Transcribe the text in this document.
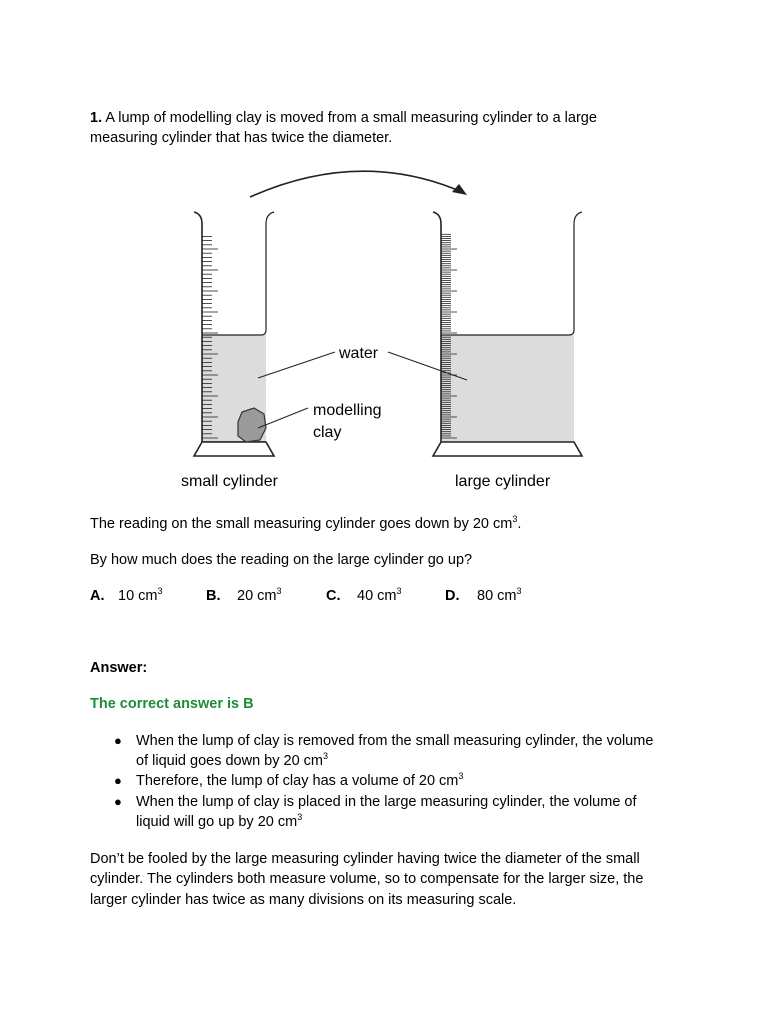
1. A lump of modelling clay is moved from a small measuring cylinder to a large
measuring cylinder that has twice the diameter.
water
modelling
clay
small cylinder	large cylinder
The reading on the small measuring cylinder goes down by 20 $cm^3$.
By how much does the reading on the large cylinder go up?
A. 10 $cm^3$	B. 20 $cm^3$	C. 40 $cm^3$	D. 80 $cm^3$
Answer:
The correct answer is B
● When the lump of clay is removed from the small measuring cylinder, the volume
of liquid goes down by 20 $cm^3$
● Therefore, the lump of clay has a volume of 20 $cm^3$
● When the lump of clay is placed in the large measuring cylinder, the volume of
liquid will go up by 20 $cm^3$
Don’t be fooled by the large measuring cylinder having twice the diameter of the small
cylinder. The cylinders both measure volume, so to compensate for the larger size, the
larger cylinder has twice as many divisions on its measuring scale.
